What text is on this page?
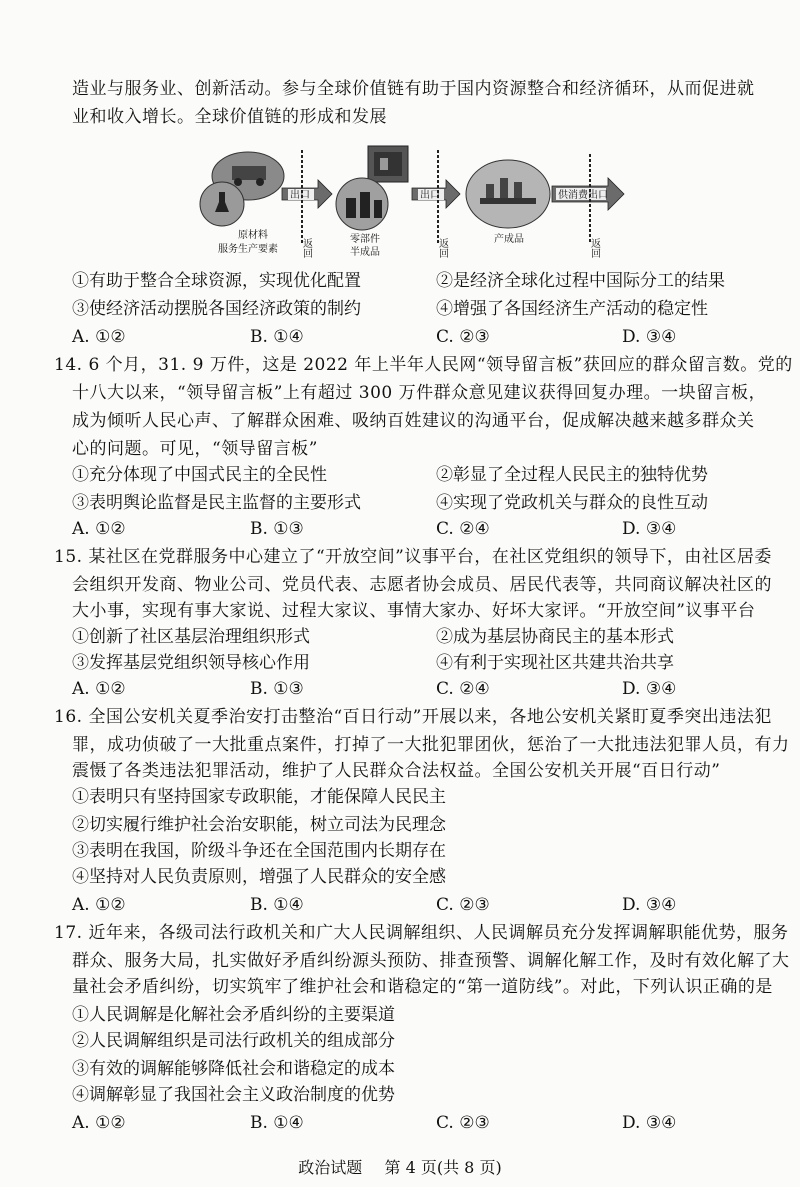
造业与服务业、创新活动。参与全球价值链有助于国内资源整合和经济循环，从而促进就
业和收入增长。全球价值链的形成和发展
原材料
服务生产要素
出口
返回	零部件
半成品
出口
返回	产成品
供消费出口
返回
①有助于整合全球资源，实现优化配置	②是经济全球化过程中国际分工的结果
③使经济活动摆脱各国经济政策的制约	④增强了各国经济生产活动的稳定性
A. ①②	B. ①④	C. ②③	D. ③④
14. 6 个月，31. 9 万件，这是 2022 年上半年人民网“领导留言板”获回应的群众留言数。党的
十八大以来，“领导留言板”上有超过 300 万件群众意见建议获得回复办理。一块留言板，
成为倾听人民心声、了解群众困难、吸纳百姓建议的沟通平台，促成解决越来越多群众关
心的问题。可见，“领导留言板”
①充分体现了中国式民主的全民性	②彰显了全过程人民民主的独特优势
③表明舆论监督是民主监督的主要形式	④实现了党政机关与群众的良性互动
A. ①②	B. ①③	C. ②④	D. ③④
15. 某社区在党群服务中心建立了“开放空间”议事平台，在社区党组织的领导下，由社区居委
会组织开发商、物业公司、党员代表、志愿者协会成员、居民代表等，共同商议解决社区的
大小事，实现有事大家说、过程大家议、事情大家办、好坏大家评。“开放空间”议事平台
①创新了社区基层治理组织形式	②成为基层协商民主的基本形式
③发挥基层党组织领导核心作用	④有利于实现社区共建共治共享
A. ①②	B. ①③	C. ②④	D. ③④
16. 全国公安机关夏季治安打击整治“百日行动”开展以来，各地公安机关紧盯夏季突出违法犯
罪，成功侦破了一大批重点案件，打掉了一大批犯罪团伙，惩治了一大批违法犯罪人员，有力
震慑了各类违法犯罪活动，维护了人民群众合法权益。全国公安机关开展“百日行动”
①表明只有坚持国家专政职能，才能保障人民民主
②切实履行维护社会治安职能，树立司法为民理念
③表明在我国，阶级斗争还在全国范围内长期存在
④坚持对人民负责原则，增强了人民群众的安全感
A. ①②	B. ①④	C. ②③	D. ③④
17. 近年来，各级司法行政机关和广大人民调解组织、人民调解员充分发挥调解职能优势，服务
群众、服务大局，扎实做好矛盾纠纷源头预防、排查预警、调解化解工作，及时有效化解了大
量社会矛盾纠纷，切实筑牢了维护社会和谐稳定的“第一道防线”。对此，下列认识正确的是
①人民调解是化解社会矛盾纠纷的主要渠道
②人民调解组织是司法行政机关的组成部分
③有效的调解能够降低社会和谐稳定的成本
④调解彰显了我国社会主义政治制度的优势
A. ①②	B. ①④	C. ②③	D. ③④
政治试题 第 4 页(共 8 页)
